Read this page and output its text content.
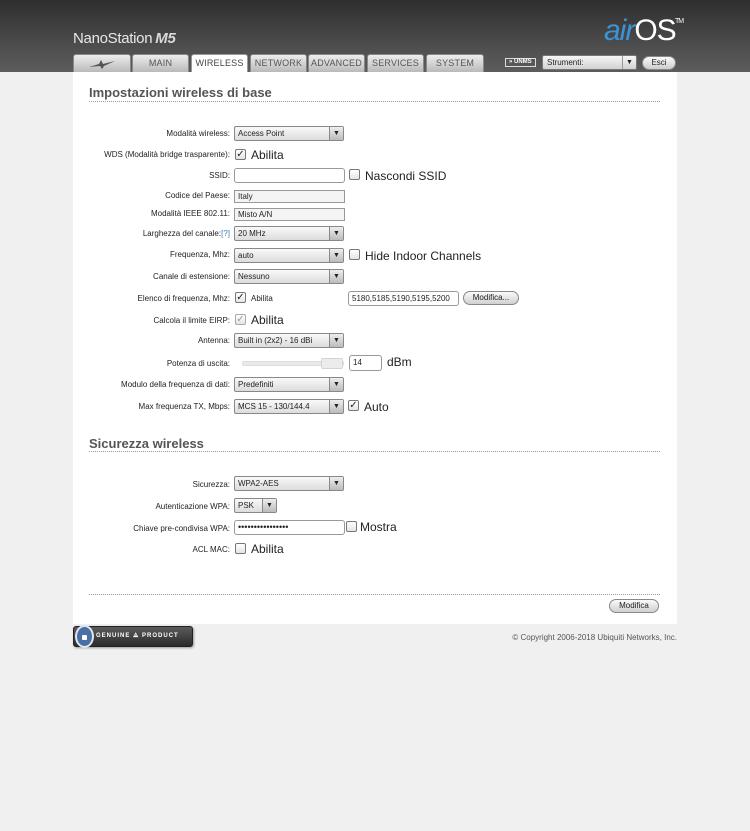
NanoStation M5	airOS TM
MAIN	WIRELESS	NETWORK ADVANCED	SERVICES	SYSTEM	» UNMS	Strumenti:	▼	Esci
Impostazioni wireless di base
Modalità wireless:	Access Point	▼
WDS (Modalità bridge trasparente): ✓ Abilita
SSID:	Nascondi SSID
Codice del Paese:	Italy
Modalità IEEE 802.11:	Misto A/N
Larghezza del canale:[?]	20 MHz	▼
Frequenza, Mhz:	auto	▼ Hide Indoor Channels
Canale di estensione:	Nessuno	▼
Elenco di frequenza, Mhz: ✓ Abilita	5180,5185,5190,5195,5200	Modifica...
Calcola il limite EIRP: ✓ Abilita
Antenna:	Built in (2x2) - 16 dBi	▼
Potenza di uscita:	14	dBm
Modulo della frequenza di dati:	Predefiniti	▼
Max frequenza TX, Mbps:	MCS 15 - 130/144.4	▼ ✓ Auto
Sicurezza wireless
Sicurezza:	WPA2-AES	▼
Autenticazione WPA:	PSK	▼
Chiave pre-condivisa WPA: ••••••••••••••••	Mostra
ACL MAC: Abilita
Modifica
GENUINE ⟁ PRODUCT	© Copyright 2006-2018 Ubiquiti Networks, Inc.
